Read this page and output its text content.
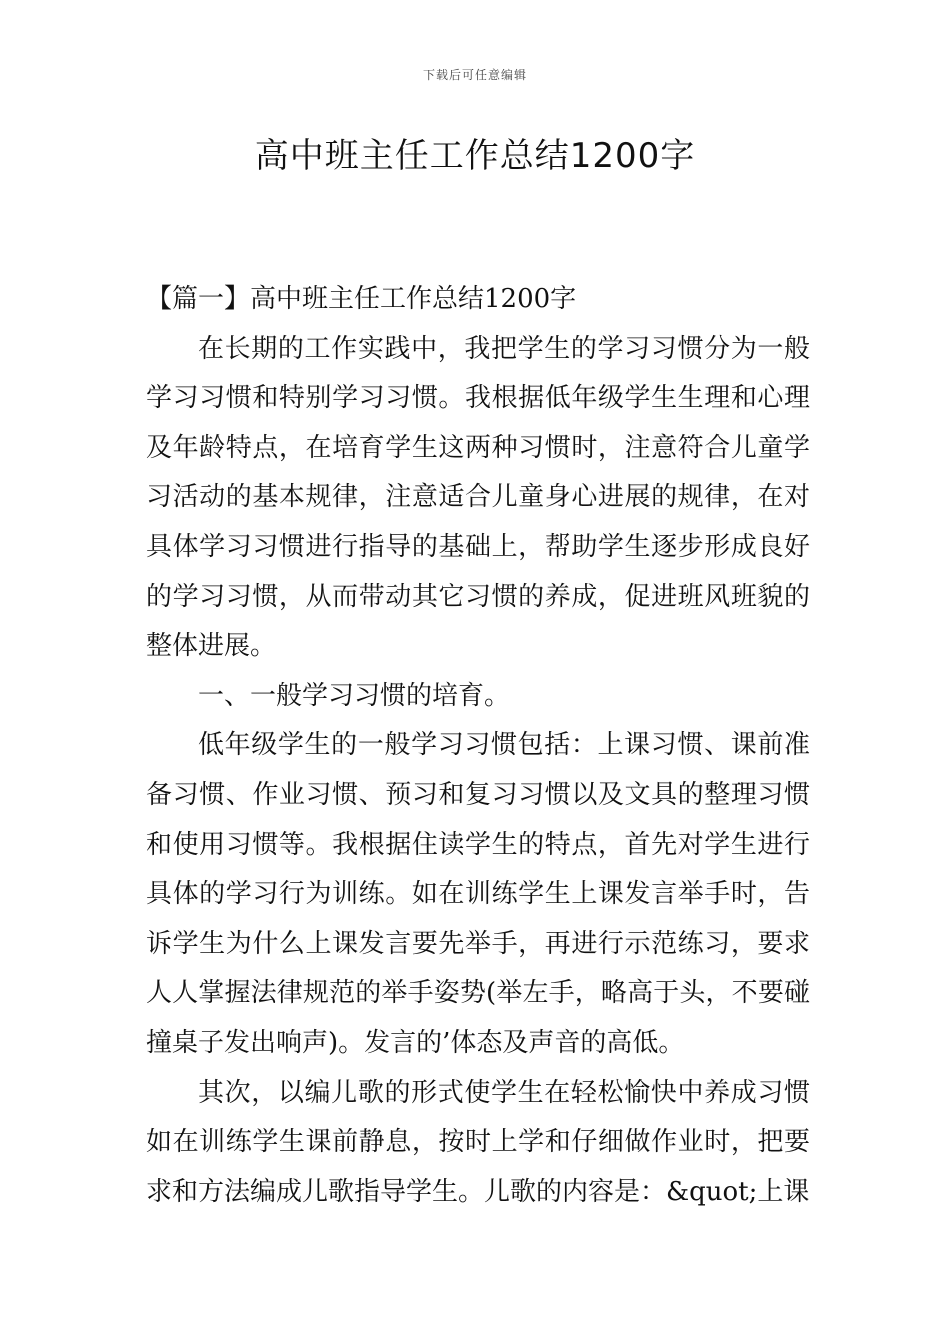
下载后可任意编辑
高中班主任工作总结1200字

【篇一】高中班主任工作总结1200字

在长期的工作实践中，我把学生的学习习惯分为一般学习习惯和特别学习习惯。我根据低年级学生生理和心理及年龄特点，在培育学生这两种习惯时，注意符合儿童学习活动的基本规律，注意适合儿童身心进展的规律，在对具体学习习惯进行指导的基础上，帮助学生逐步形成良好的学习习惯，从而带动其它习惯的养成，促进班风班貌的整体进展。

一、一般学习习惯的培育。

低年级学生的一般学习习惯包括：上课习惯、课前准备习惯、作业习惯、预习和复习习惯以及文具的整理习惯和使用习惯等。我根据住读学生的特点，首先对学生进行具体的学习行为训练。如在训练学生上课发言举手时，告诉学生为什么上课发言要先举手，再进行示范练习，要求人人掌握法律规范的举手姿势(举左手，略高于头，不要碰撞桌子发出响声)。发言的’体态及声音的高低。

其次，以编儿歌的形式使学生在轻松愉快中养成习惯如在训练学生课前静息，按时上学和仔细做作业时，把要求和方法编成儿歌指导学生。儿歌的内容是：&quot;上课
